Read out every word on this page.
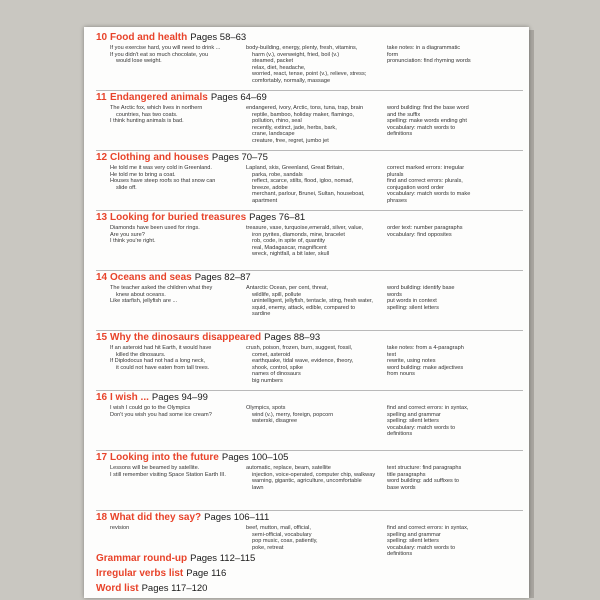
10 Food and health Pages 58–63
If you exercise hard, you will need to drink ...
If you didn't eat so much chocolate, you
would lose weight.
body-building, energy, plenty, fresh, vitamins,
harm (v.), overweight, fried, boil (v.)
steamed, packet
relax, diet, headache,
worried, react, tense, point (v.), relieve, stress;
comfortably, normally, massage
take notes: in a diagrammatic
form
pronunciation: find rhyming words
11 Endangered animals Pages 64–69
The Arctic fox, which lives in northern
countries, has two coats.
I think hunting animals is bad.
endangered, ivory, Arctic, tons, tuna, trap, brain
reptile, bamboo, holiday maker, flamingo,
pollution, rhino, seal
recently, extinct, jade, herbs, bark,
crane, landscape
creature, free, regret, jumbo jet
word building: find the base word
and the suffix
spelling: make words ending ght
vocabulary: match words to
definitions
12 Clothing and houses Pages 70–75
He told me it was very cold in Greenland.
He told me to bring a coat.
Houses have steep roofs so that snow can
slide off.
Lapland, skis, Greenland, Great Britain,
parka, robe, sandals
reflect, scarce, stilts, flood, igloo, nomad,
breeze, adobe
merchant, parlour, Brunei, Sultan, houseboat,
apartment
correct marked errors: irregular
plurals
find and correct errors: plurals,
conjugation word order
vocabulary: match words to make
phrases
13 Looking for buried treasures Pages 76–81
Diamonds have been used for rings.
Are you sure?
I think you're right.
treasure, vase, turquoise,emerald, silver, value,
iron pyrites, diamonds, mine, bracelet
rob, code, in spite of, quantity
real, Madagascar, magnificent
wreck, nightfall, a bit later, skull
order text: number paragraphs
vocabulary: find opposites
14 Oceans and seas Pages 82–87
The teacher asked the children what they
knew about oceans.
Like starfish, jellyfish are ...
Antarctic Ocean, per cent, threat,
wildlife, spill, pollute
unintelligent, jellyfish, tentacle, sting, fresh water,
squid, enemy, attack, edible, compared to
sardine
word building: identify base
words
put words in context
spelling: silent letters
15 Why the dinosaurs disappeared Pages 88–93
If an asteroid had hit Earth, it would have
killed the dinosaurs.
If Diplodocus had not had a long neck,
it could not have eaten from tall trees.
crush, poison, frozen, burn, suggest, fossil,
comet, asteroid
earthquake, tidal wave, evidence, theory,
shook, control, spike
names of dinosaurs
big numbers
take notes: from a 4-paragraph
text
rewrite, using notes
word building: make adjectives
from nouns
16 I wish ... Pages 94–99
I wish I could go to the Olympics
Don't you wish you had some ice cream?
Olympics, spots
wind (v.), merry, foreign, popcorn
waterski, disagree
find and correct errors: in syntax,
spelling and grammar
spelling: silent letters
vocabulary: match words to
definitions
17 Looking into the future Pages 100–105
Lessons will be beamed by satellite.
I still remember visiting Space Station Earth III.
automatic, replace, beam, satellite
injection, voice-operated, computer chip, walkway
warning, gigantic, agriculture, uncomfortable
lawn
text structure: find paragraphs
title paragraphs
word building: add suffixes to
base words
18 What did they say? Pages 106–111
revision	beef, mutton, mail, official,
semi-official, vocabulary
pop music, coax, patiently,
poke, retreat
find and correct errors: in syntax,
spelling and grammar
spelling: silent letters
vocabulary: match words to
definitions
Grammar round-up Pages 112–115
Irregular verbs list Page 116
Word list Pages 117–120
